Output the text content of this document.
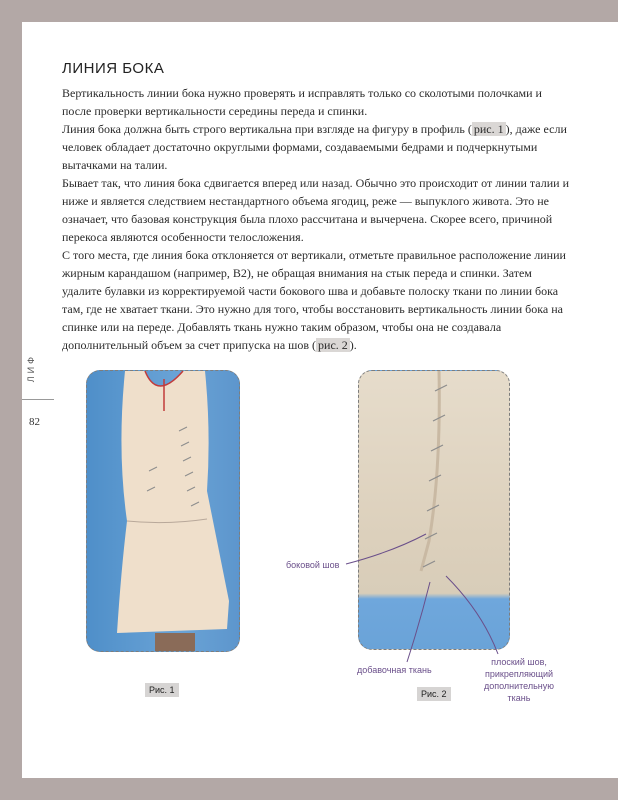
ЛИНИЯ БОКА

Вертикальность линии бока нужно проверять и исправлять только со сколотыми полочками и после проверки вертикальности середины переда и спинки.

Линия бока должна быть строго вертикальна при взгляде на фигуру в профиль ( рис. 1 ), даже если человек обладает достаточно округлыми формами, создаваемыми бедрами и подчеркнутыми вытачками на талии.

Бывает так, что линия бока сдвигается вперед или назад. Обычно это происходит от линии талии и ниже и является следствием нестандартного объема ягодиц, реже — выпуклого живота. Это не означает, что базовая конструкция была плохо рассчитана и вычерчена. Скорее всего, причиной перекоса являются особенности телосложения.

С того места, где линия бока отклоняется от вертикали, отметьте правильное расположение линии жирным карандашом (например, B2), не обращая внимания на стык переда и спинки. Затем удалите булавки из корректируемой части бокового шва и добавьте полоску ткани по линии бока там, где не хватает ткани. Это нужно для того, чтобы восстановить вертикальность линии бока на спинке или на переде. Добавлять ткань нужно таким образом, чтобы она не создавала дополнительный объем за счет припуска на шов ( рис. 2 ).

ЛИФ
82
боковой шов
добавочная ткань
плоский шов, прикрепляющий дополнительную ткань
Рис. 1	Рис. 2
